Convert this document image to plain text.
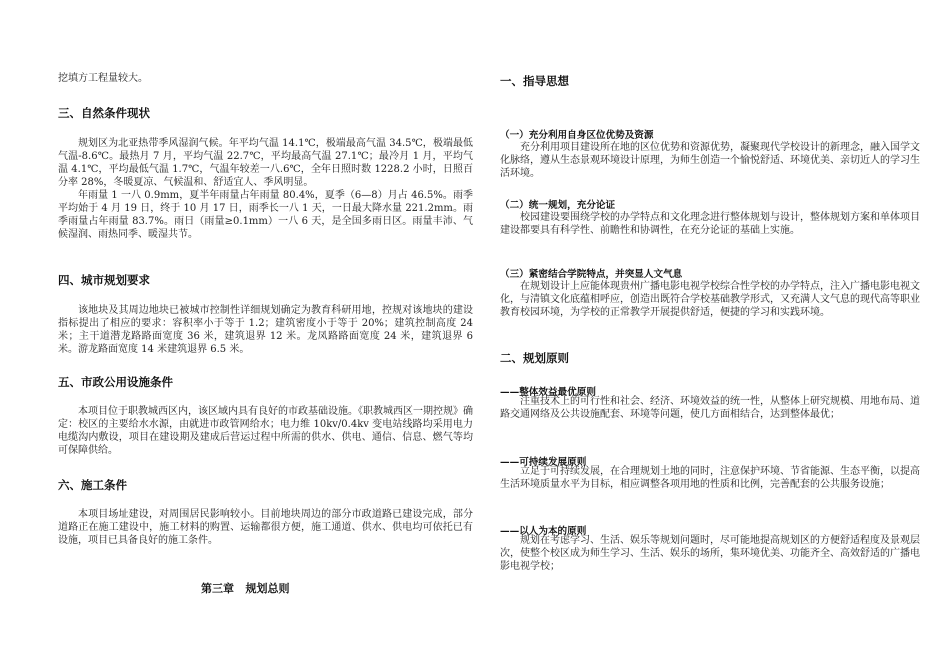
挖填方工程量较大。

三、自然条件现状

规划区为北亚热带季风湿润气候。年平均气温 14.1℃，极端最高气温 34.5℃，极端最低气温-8.6℃。最热月 7 月，平均气温 22.7℃，平均最高气温 27.1℃；最冷月 1 月，平均气温 4.1℃，平均最低气温 1.7℃，气温年较差一八.6℃，全年日照时数 1228.2 小时，日照百分率 28%，冬暖夏凉、气候温和、舒适宜人、季风明显。

年雨量 1 一八 0.9mm，夏半年雨量占年雨量 80.4%，夏季（6—8）月占 46.5%。雨季平均始于 4 月 19 日，终于 10 月 17 日，雨季长一八 1 天，一日最大降水量 221.2mm。雨季雨量占年雨量 83.7%。雨日（雨量≥0.1mm）一八 6 天，是全国多雨日区。雨量丰沛、气候湿润、雨热同季、暖湿共节。

四、城市规划要求

该地块及其周边地块已被城市控制性详细规划确定为教育科研用地，控规对该地块的建设指标提出了相应的要求：容积率小于等于 1.2；建筑密度小于等于 20%；建筑控制高度 24 米；主干道潜龙路路面宽度 36 米，建筑退界 12 米。龙凤路路面宽度 24 米，建筑退界 6 米。游龙路面宽度 14 米建筑退界 6.5 米。

五、市政公用设施条件

本项目位于职教城西区内，该区域内具有良好的市政基础设施。《职教城西区一期控规》确定：校区的主要给水水源，由就进市政管网给水；电力维 10kv/0.4kv 变电站线路均采用电力电缆沟内敷设，项目在建设期及建成后营运过程中所需的供水、供电、通信、信息、燃气等均可保障供给。

六、施工条件

本项目场址建设，对周围居民影响较小。目前地块周边的部分市政道路已建设完成，部分道路正在施工建设中，施工材料的购置、运输都很方便，施工通道、供水、供电均可依托已有设施，项目已具备良好的施工条件。

第三章   规划总则
一、指导思想
（一）充分利用自身区位优势及资源

充分利用项目建设所在地的区位优势和资源优势，凝聚现代学校设计的新理念，融入国学文化脉络，遵从生态景观环境设计原理，为师生创造一个愉悦舒适、环境优美、亲切近人的学习生活环境。

（二）统一规划，充分论证

校园建设要围绕学校的办学特点和文化理念进行整体规划与设计，整体规划方案和单体项目建设都要具有科学性、前瞻性和协调性，在充分论证的基础上实施。

（三）紧密结合学院特点，并突显人文气息

在规划设计上应能体现贵州广播电影电视学校综合性学校的办学特点，注入广播电影电视文化，与清镇文化底蕴相呼应，创造出既符合学校基础教学形式，又充满人文气息的现代高等职业教育校园环境，为学校的正常教学开展提供舒适，便捷的学习和实践环境。

二、规划原则
——整体效益最优原则

注重技术上的可行性和社会、经济、环境效益的统一性，从整体上研究规模、用地布局、道路交通网络及公共设施配套、环境等问题，使几方面相结合，达到整体最优；

——可持续发展原则

立足于可持续发展，在合理规划土地的同时，注意保护环境、节省能源、生态平衡，以提高生活环境质量水平为目标，相应调整各项用地的性质和比例，完善配套的公共服务设施；

——以人为本的原则

规划在考虑学习、生活、娱乐等规划问题时，尽可能地提高规划区的方便舒适程度及景观层次，使整个校区成为师生学习、生活、娱乐的场所，集环境优美、功能齐全、高效舒适的广播电影电视学校；
